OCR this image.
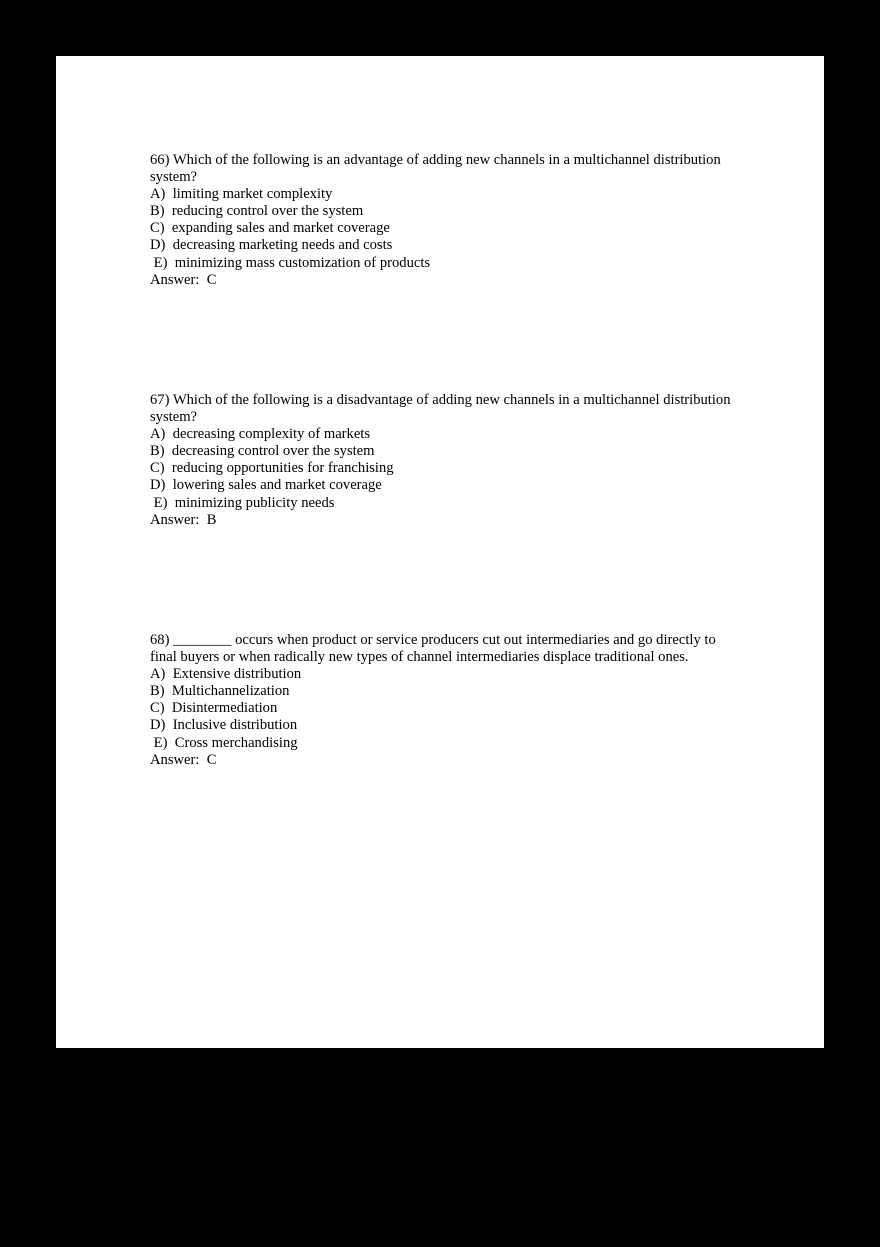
66) Which of the following is an advantage of adding new channels in a multichannel distribution system?

A)  limiting market complexity

B)  reducing control over the system

C)  expanding sales and market coverage

D)  decreasing marketing needs and costs

E)  minimizing mass customization of products

Answer:  C

67) Which of the following is a disadvantage of adding new channels in a multichannel distribution system?

A)  decreasing complexity of markets

B)  decreasing control over the system

C)  reducing opportunities for franchising

D)  lowering sales and market coverage

E)  minimizing publicity needs

Answer:  B

68) ________ occurs when product or service producers cut out intermediaries and go directly to final buyers or when radically new types of channel intermediaries displace traditional ones.

A)  Extensive distribution

B)  Multichannelization

C)  Disintermediation

D)  Inclusive distribution

E)  Cross merchandising

Answer:  C
